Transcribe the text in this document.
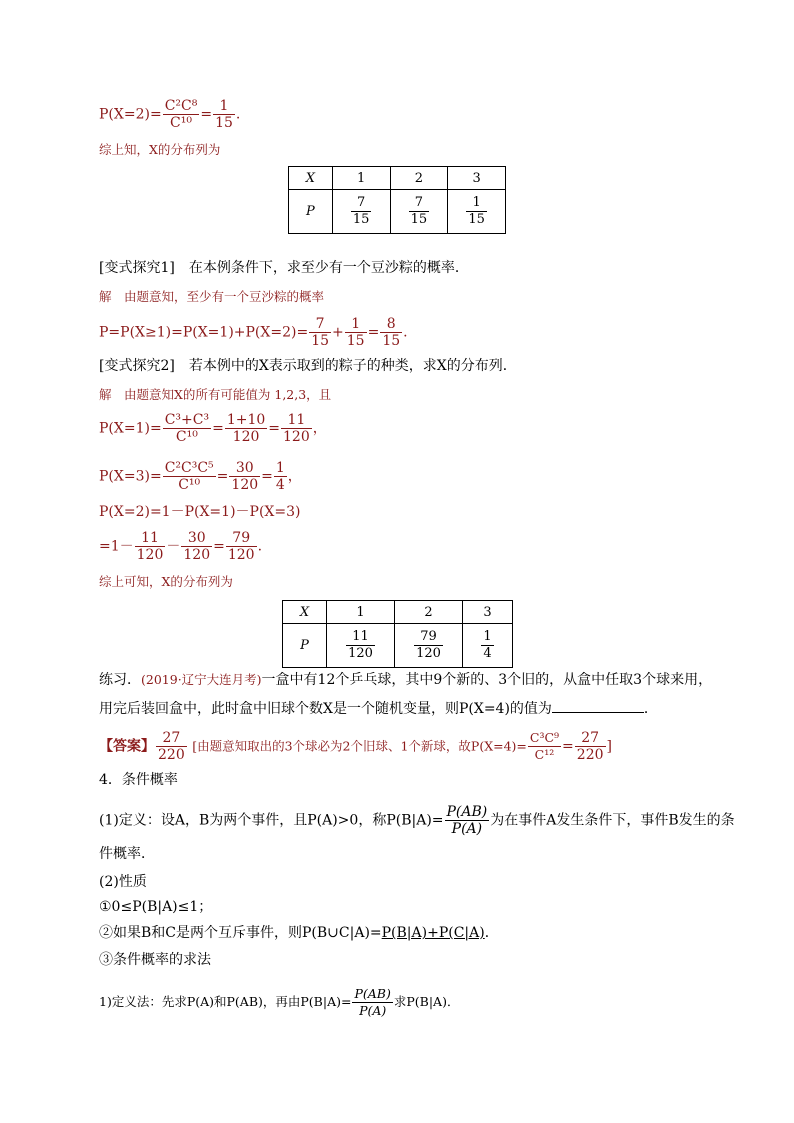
$P(X=2)= \frac{\text{C²C⁸}}{\text{C¹⁰}} = \frac{1}{15}$ .
综上知，X的分布列为
X	1	2	3
P	$\frac{7}{15}$	$\frac{7}{15}$	$\frac{1}{15}$
[变式探究1]　在本例条件下，求至少有一个豆沙粽的概率．
解　由题意知，至少有一个豆沙粽的概率
$P=P(X\ge 1)=P(X=1)+P(X=2)= \frac{7}{15} + \frac{1}{15} = \frac{8}{15}$ .
[变式探究2]　若本例中的X表示取到的粽子的种类，求X的分布列．
解　由题意知X的所有可能值为 1,2,3，且
$P(X=1)= \frac{\text{C³+C³}}{\text{C¹⁰}} = \frac{1+10}{120} = \frac{11}{120}$ ，
$P(X=3)= \frac{\text{C²C³C⁵}}{\text{C¹⁰}} = \frac{30}{120} = \frac{1}{4}$ ，
P(X=2)=1－P(X=1)－P(X=3)
$=1- \frac{11}{120} - \frac{30}{120} = \frac{79}{120}$ .
综上可知，X的分布列为
X	1	2	3
P	$\frac{11}{120}$	$\frac{79}{120}$	$\frac{1}{4}$
练习．(2019·辽宁大连月考)一盒中有12个乒乓球，其中9个新的、3个旧的，从盒中任取3个球来用，
用完后装回盒中，此时盒中旧球个数X是一个随机变量，则P(X=4)的值为	．
【答案】 $\frac{27}{220}$ [由题意知取出的3个球必为2个旧球、1个新球，故$P(X=4)= \frac{\text{C³C⁹}}{\text{C¹²}} = \frac{27}{220}$ ]
4．条件概率
(1)定义：设A，B为两个事件，且P(A)>0，称$P(B|A)= \frac{P(AB)}{P(A)}$ 为在事件A发生条件下，事件B发生的条
件概率．
(2)性质
①0≤P(B|A)≤1；
②如果B和C是两个互斥事件，则P(B∪C|A)=P(B|A)+P(C|A)．
③条件概率的求法
1)定义法：先求P(A)和P(AB)，再由$P(B|A)= \frac{P(AB)}{P(A)}$ 求P(B|A)．
